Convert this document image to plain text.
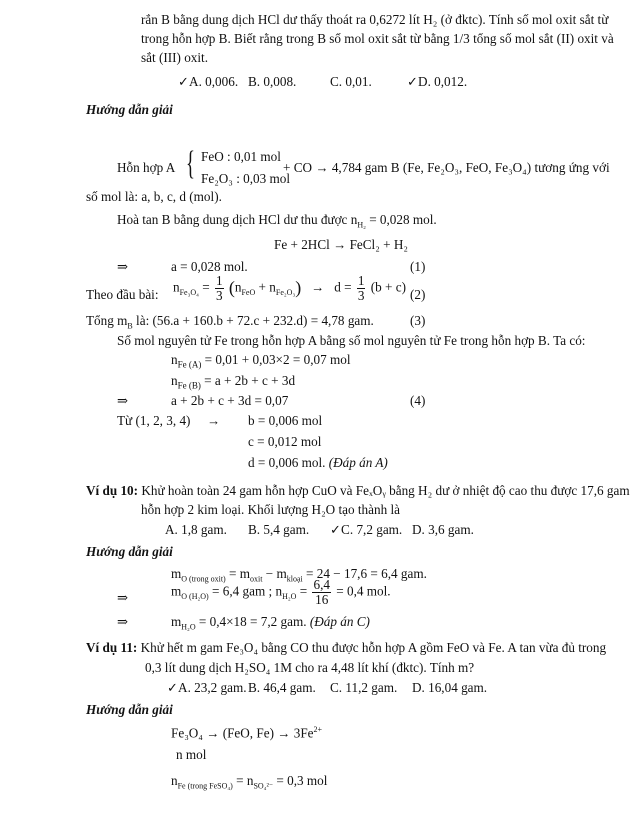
rắn B bằng dung dịch HCl dư thấy thoát ra 0,6272 lít H₂ (ở đktc). Tính số mol oxit sắt từ
trong hỗn hợp B. Biết rằng trong B số mol oxit sắt từ bằng 1/3 tổng số mol sắt (II) oxit và
sắt (III) oxit.
✓A. 0,006. B. 0,008.	C. 0,01.	✓D. 0,012.
Hướng dẫn giải
Hỗn hợp A { FeO : 0,01 mol
Fe₂O₃ : 0,03 mol
+ CO → 4,784 gam B (Fe, Fe₂O₃, FeO, Fe₃O₄) tương ứng với
số mol là: a, b, c, d (mol).
Hoà tan B bằng dung dịch HCl dư thu được $n_{H_2} = 0,028$ mol.
Fe + 2HCl → FeCl₂ + H₂
⇒	a = 0,028 mol.	(1)
Theo đầu bài:
$n_{Fe_3O_4} = \frac{1}{3} (n_{FeO} + n_{Fe_2O_3}) \to d = \frac{1}{3} (b + c)$
(2)
Tổng $m_B$ là: (56.a + 160.b + 72.c + 232.d) = 4,78 gam.	(3)
Số mol nguyên tử Fe trong hỗn hợp A bằng số mol nguyên tử Fe trong hỗn hợp B. Ta có:
$n_{Fe (A)} = 0,01 + 0,03\times 2 = 0,07$ mol
$n_{Fe (B)} = a + 2b + c + 3d$
⇒	a + 2b + c + 3d = 0,07	(4)
Từ (1, 2, 3, 4) → b = 0,006 mol
c = 0,012 mol
d = 0,006 mol. (Đáp án A)
Ví dụ 10: Khử hoàn toàn 24 gam hỗn hợp CuO và FeₓOᵧ bằng H₂ dư ở nhiệt độ cao thu được 17,6 gam
hỗn hợp 2 kim loại. Khối lượng H₂O tạo thành là
A. 1,8 gam. B. 5,4 gam. ✓C. 7,2 gam. D. 3,6 gam.
Hướng dẫn giải
$m_{O (trong oxit)} = m_{oxit} - m_{kloại} = 24 - 17,6 = 6,4$ gam.
⇒	$m_{O (H_2O)} = 6,4$ gam ; $n_{H_2O} = \frac{6,4}{16} = 0,4$ mol.
⇒	$m_{H_2O} = 0,4\times 18 = 7,2$ gam. (Đáp án C)
Ví dụ 11: Khử hết m gam Fe₃O₄ bằng CO thu được hỗn hợp A gồm FeO và Fe. A tan vừa đủ trong
0,3 lít dung dịch H₂SO₄ 1M cho ra 4,48 lít khí (đktc). Tính m?
✓A. 23,2 gam. B. 46,4 gam. C. 11,2 gam. D. 16,04 gam.
Hướng dẫn giải
Fe₃O₄ → (FeO, $Fe) \to 3Fe^{2+}$
n mol
$n_{Fe (trong FeSO_4)} = n_{SO_4^{2-}} = 0,3$ mol
